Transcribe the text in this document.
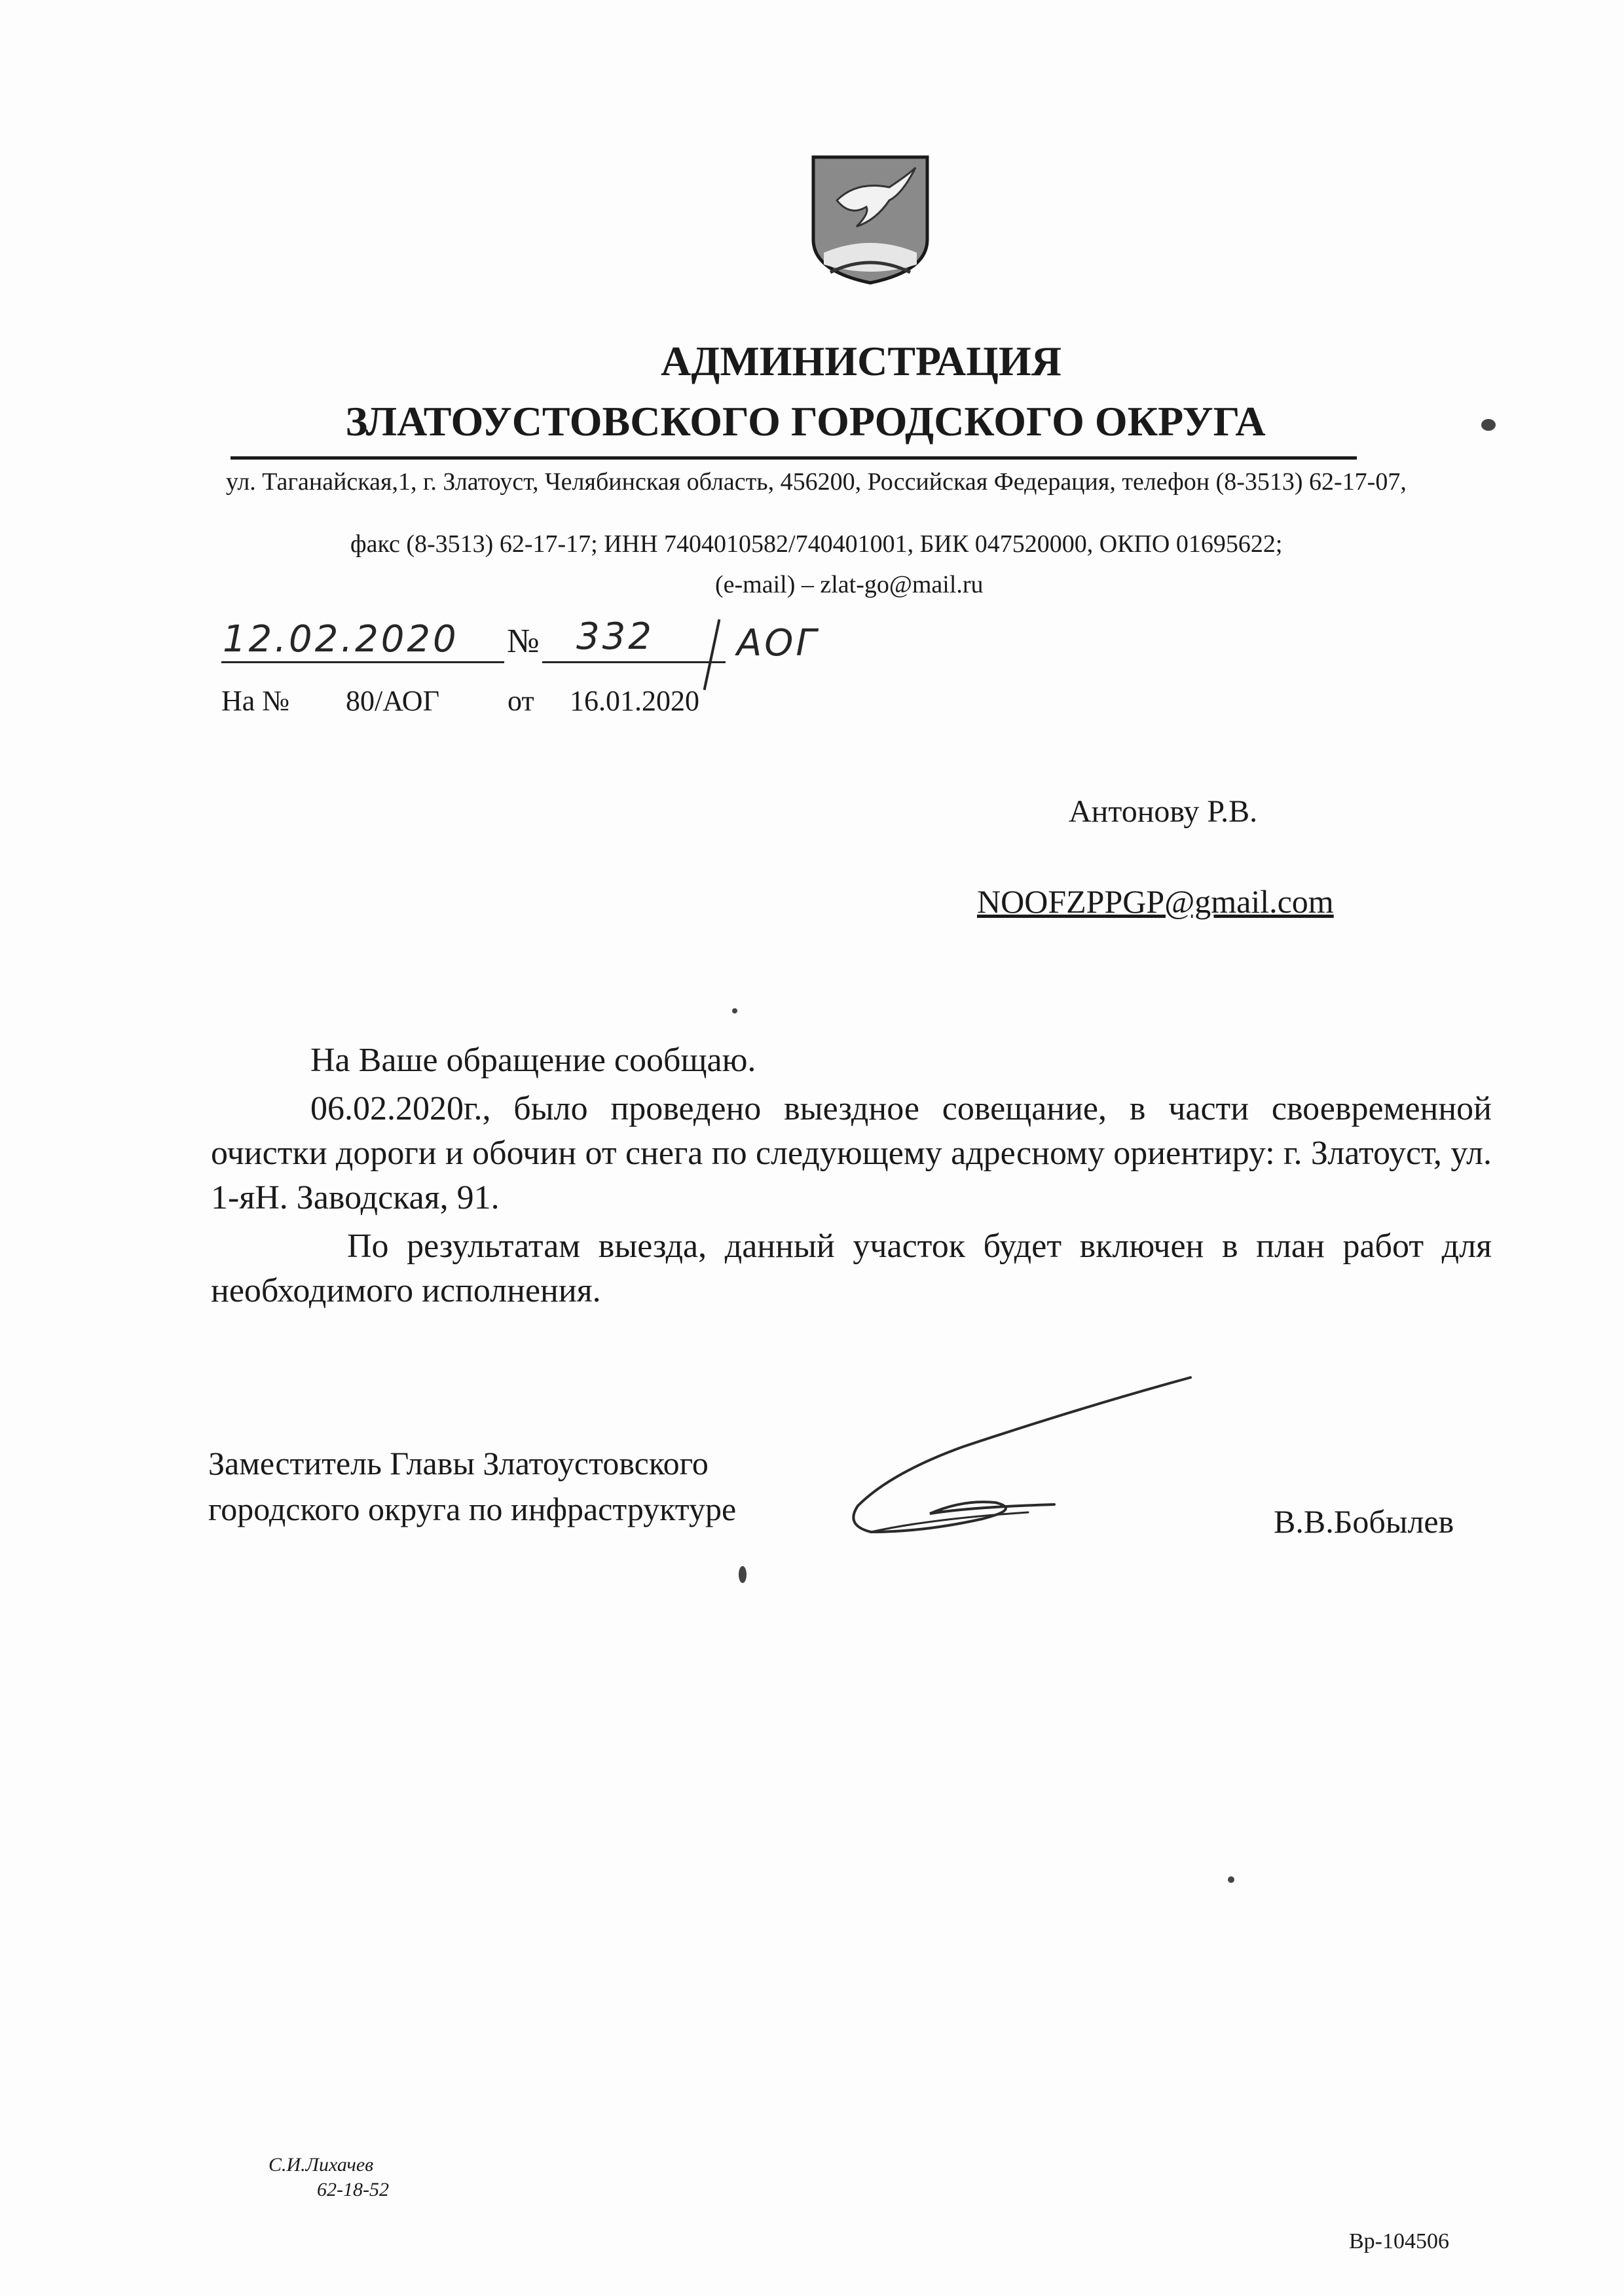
АДМИНИСТРАЦИЯ
ЗЛАТОУСТОВСКОГО ГОРОДСКОГО ОКРУГА
ул. Таганайская,1, г. Златоуст, Челябинская область, 456200, Российская Федерация, телефон (8-3513) 62-17-07,
факс (8-3513) 62-17-17; ИНН 7404010582/740401001, БИК 047520000, ОКПО 01695622;
(e-mail) – zlat-go@mail.ru
12.02.2020 № 332 АОГ
На № 80/АОГ от 16.01.2020
Антонову Р.В.
NOOFZPPGP@gmail.com
На Ваше обращение сообщаю.
06.02.2020г., было проведено выездное совещание, в части своевременной очистки дороги и обочин от снега по следующему адресному ориентиру: г. Златоуст, ул. 1-яН. Заводская, 91.
По результатам выезда, данный участок будет включен в план работ для необходимого исполнения.
Заместитель Главы Златоустовского
городского округа по инфраструктуре	В.В.Бобылев
С.И.Лихачев
62-18-52
Вр-104506
